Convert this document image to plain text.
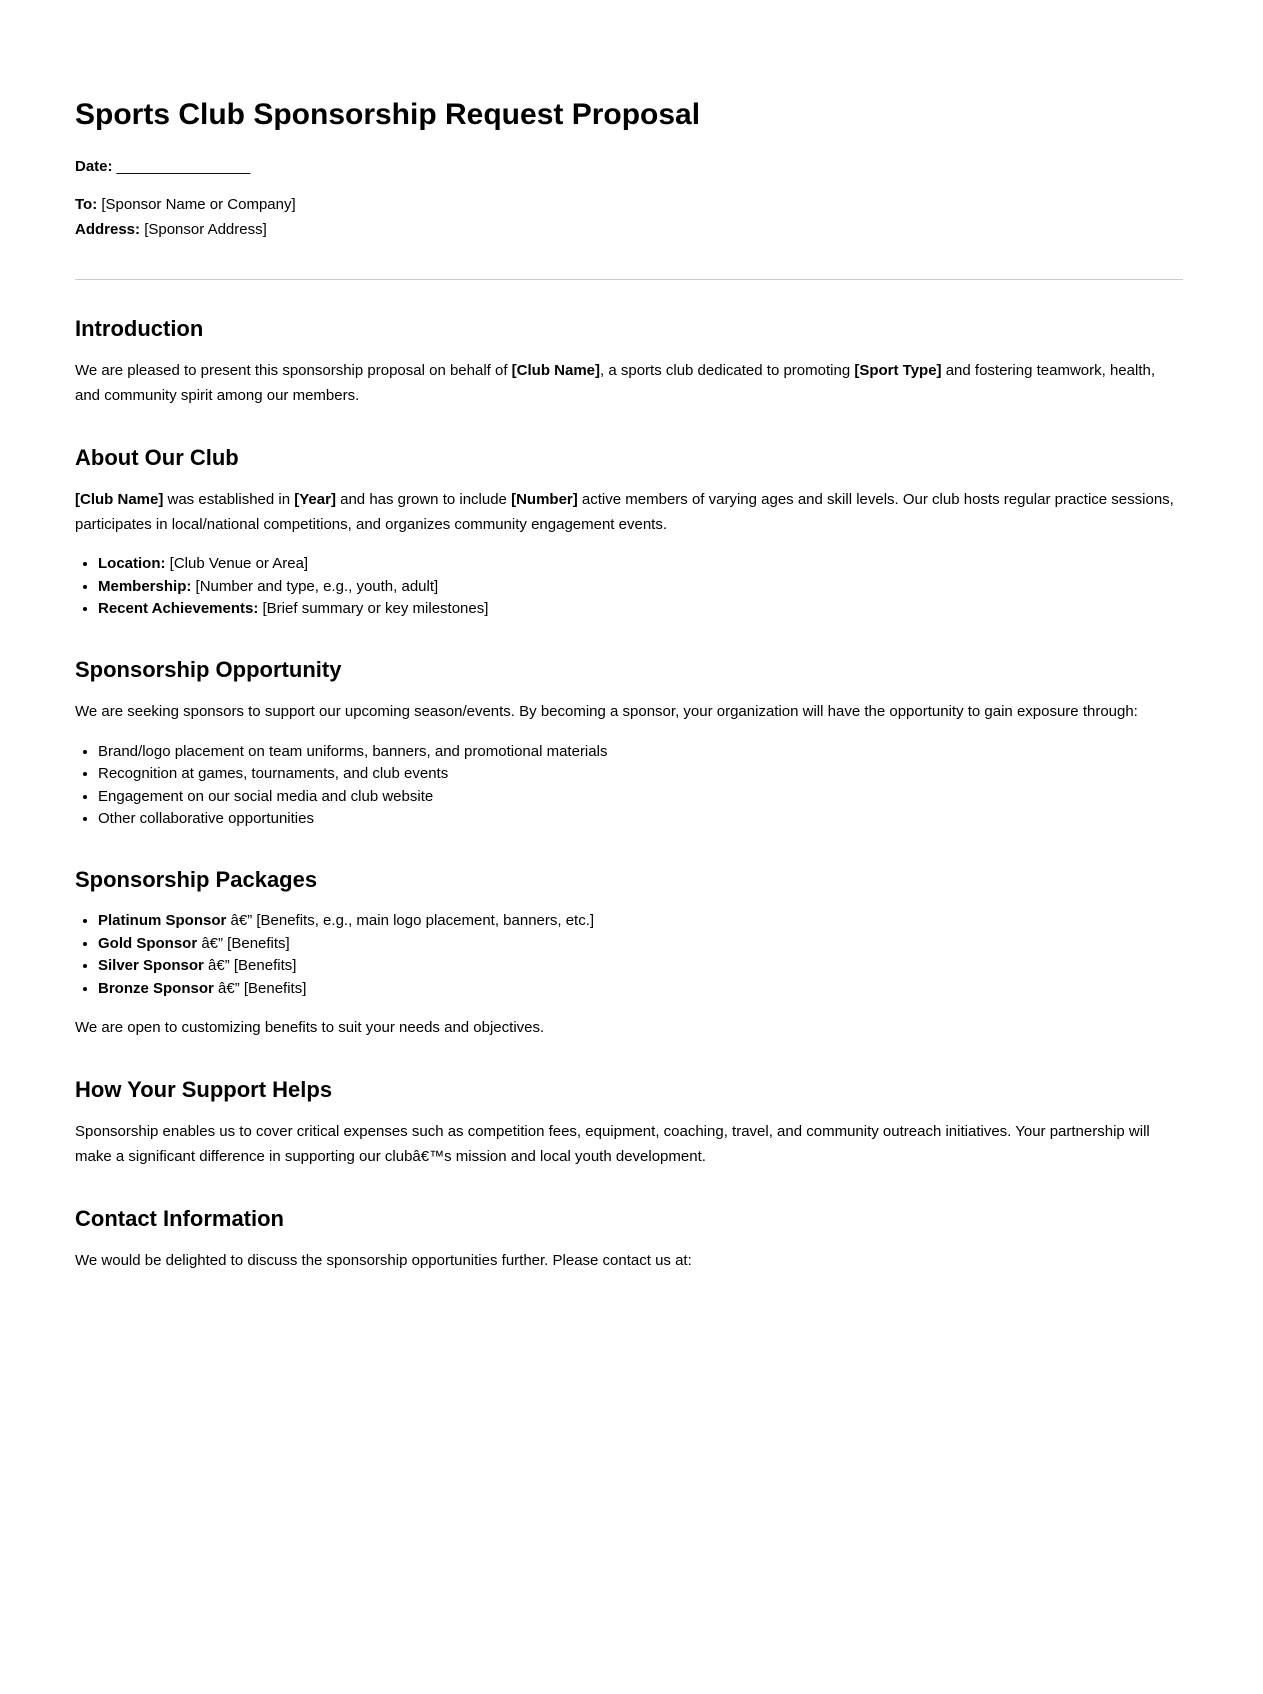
Sports Club Sponsorship Request Proposal

Date: ________________

To: [Sponsor Name or Company]
Address: [Sponsor Address]

Introduction

We are pleased to present this sponsorship proposal on behalf of [Club Name], a sports club dedicated to promoting [Sport Type] and fostering teamwork, health, and community spirit among our members.

About Our Club

[Club Name] was established in [Year] and has grown to include [Number] active members of varying ages and skill levels. Our club hosts regular practice sessions, participates in local/national competitions, and organizes community engagement events.

• Location: [Club Venue or Area]
• Membership: [Number and type, e.g., youth, adult]
• Recent Achievements: [Brief summary or key milestones]
Sponsorship Opportunity

We are seeking sponsors to support our upcoming season/events. By becoming a sponsor, your organization will have the opportunity to gain exposure through:

• Brand/logo placement on team uniforms, banners, and promotional materials
• Recognition at games, tournaments, and club events
• Engagement on our social media and club website
• Other collaborative opportunities
Sponsorship Packages
• Platinum Sponsor â€” [Benefits, e.g., main logo placement, banners, etc.]
• Gold Sponsor â€” [Benefits]
• Silver Sponsor â€” [Benefits]
• Bronze Sponsor â€” [Benefits]

We are open to customizing benefits to suit your needs and objectives.

How Your Support Helps

Sponsorship enables us to cover critical expenses such as competition fees, equipment, coaching, travel, and community outreach initiatives. Your partnership will make a significant difference in supporting our clubâ€™s mission and local youth development.

Contact Information

We would be delighted to discuss the sponsorship opportunities further. Please contact us at:
